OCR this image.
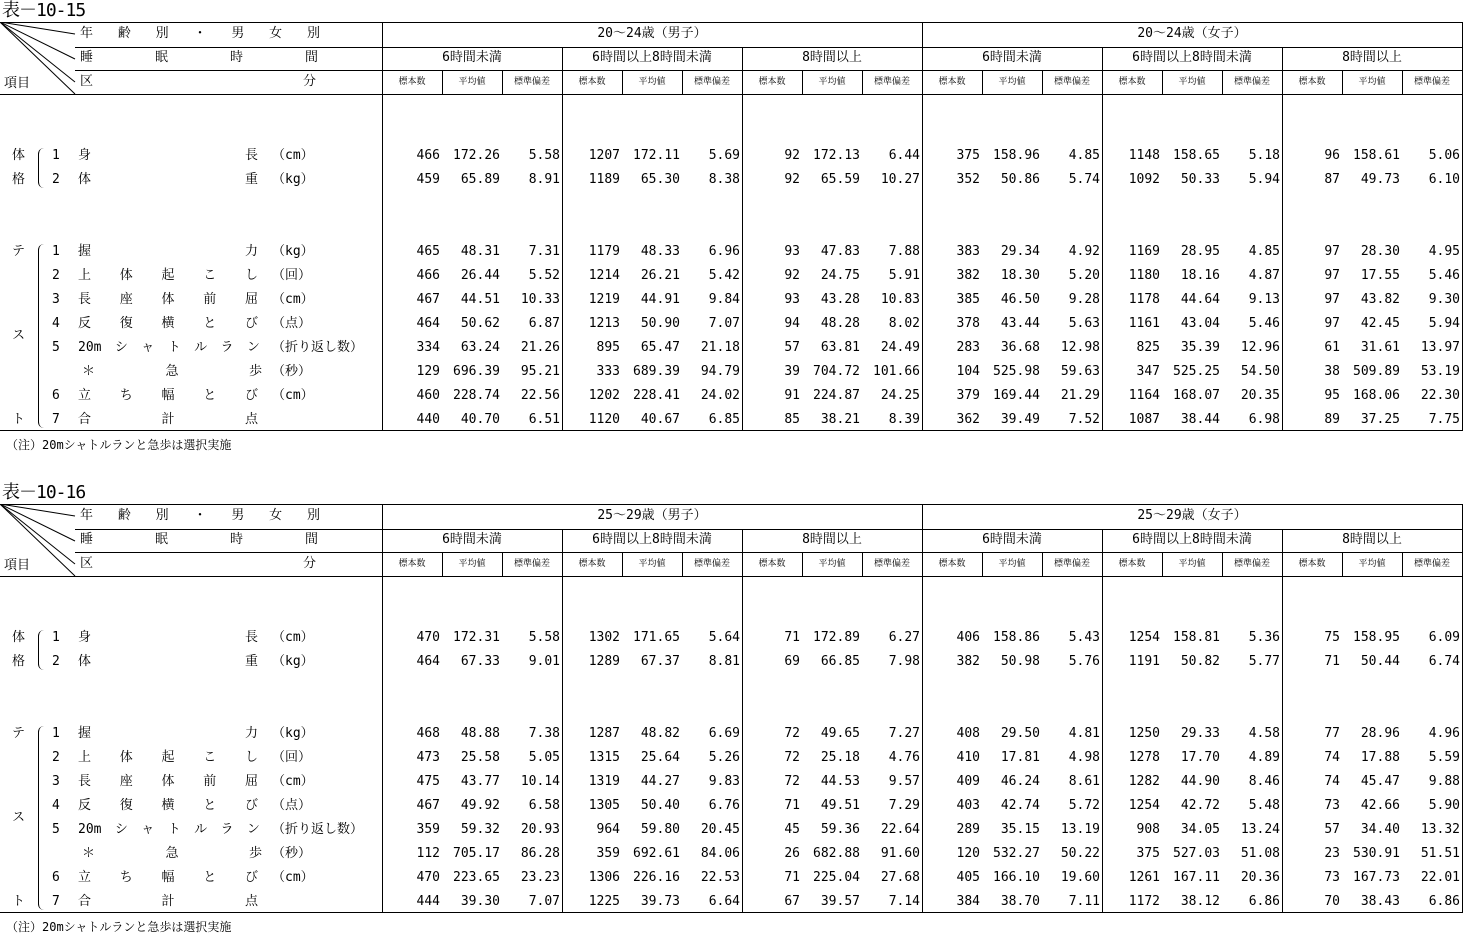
表－10-15
年 齢 別 ・ 男 女 別
睡	眠	時	間
区	分
項目
20～24歳（男子）	20～24歳（女子）
6時間未満
標本数	平均値	標準偏差
6時間以上8時間未満
標本数	平均値	標準偏差
8時間以上
標本数	平均値	標準偏差
6時間未満
標本数	平均値	標準偏差
6時間以上8時間未満
標本数	平均値	標準偏差
8時間以上
標本数	平均値	標準偏差
体
格
1 身	長 （cm）	466	172.26	5.58	1207	172.11	5.69	92	172.13	6.44	375	158.96	4.85	1148	158.65	5.18	96	158.61	5.06
2 体	重 （kg）	459	65.89	8.91	1189	65.30	8.38	92	65.59	10.27	352	50.86	5.74	1092	50.33	5.94	87	49.73	6.10
テ
ス
ト
1 握	力 （kg）	465	48.31	7.31	1179	48.33	6.96	93	47.83	7.88	383	29.34	4.92	1169	28.95	4.85	97	28.30	4.95
2 上 体 起 こ し （回）	466	26.44	5.52	1214	26.21	5.42	92	24.75	5.91	382	18.30	5.20	1180	18.16	4.87	97	17.55	5.46
3 長 座 体 前 屈 （cm）	467	44.51	10.33	1219	44.91	9.84	93	43.28	10.83	385	46.50	9.28	1178	44.64	9.13	97	43.82	9.30
4 反 復 横 と び （点）	464	50.62	6.87	1213	50.90	7.07	94	48.28	8.02	378	43.44	5.63	1161	43.04	5.46	97	42.45	5.94
5 20m シ ャ ト ル ラ ン （折り返し数）	334	63.24	21.26	895	65.47	21.18	57	63.81	24.49	283	36.68	12.98	825	35.39	12.96	61	31.61	13.97
＊	急	歩 （秒）	129	696.39	95.21	333	689.39	94.79	39	704.72	101.66	104	525.98	59.63	347	525.25	54.50	38	509.89	53.19
6 立 ち 幅 と び （cm）	460	228.74	22.56	1202	228.41	24.02	91	224.87	24.25	379	169.44	21.29	1164	168.07	20.35	95	168.06	22.30
7 合	計	点	440	40.70	6.51	1120	40.67	6.85	85	38.21	8.39	362	39.49	7.52	1087	38.44	6.98	89	37.25	7.75
（注）20mシャトルランと急歩は選択実施
表－10-16
年 齢 別 ・ 男 女 別
睡	眠	時	間
区	分
項目
25～29歳（男子）	25～29歳（女子）
6時間未満
標本数	平均値	標準偏差
6時間以上8時間未満
標本数	平均値	標準偏差
8時間以上
標本数	平均値	標準偏差
6時間未満
標本数	平均値	標準偏差
6時間以上8時間未満
標本数	平均値	標準偏差
8時間以上
標本数	平均値	標準偏差
体
格
1 身	長 （cm）	470	172.31	5.58	1302	171.65	5.64	71	172.89	6.27	406	158.86	5.43	1254	158.81	5.36	75	158.95	6.09
2 体	重 （kg）	464	67.33	9.01	1289	67.37	8.81	69	66.85	7.98	382	50.98	5.76	1191	50.82	5.77	71	50.44	6.74
テ
ス
ト
1 握	力 （kg）	468	48.88	7.38	1287	48.82	6.69	72	49.65	7.27	408	29.50	4.81	1250	29.33	4.58	77	28.96	4.96
2 上 体 起 こ し （回）	473	25.58	5.05	1315	25.64	5.26	72	25.18	4.76	410	17.81	4.98	1278	17.70	4.89	74	17.88	5.59
3 長 座 体 前 屈 （cm）	475	43.77	10.14	1319	44.27	9.83	72	44.53	9.57	409	46.24	8.61	1282	44.90	8.46	74	45.47	9.88
4 反 復 横 と び （点）	467	49.92	6.58	1305	50.40	6.76	71	49.51	7.29	403	42.74	5.72	1254	42.72	5.48	73	42.66	5.90
5 20m シ ャ ト ル ラ ン （折り返し数）	359	59.32	20.93	964	59.80	20.45	45	59.36	22.64	289	35.15	13.19	908	34.05	13.24	57	34.40	13.32
＊	急	歩 （秒）	112	705.17	86.28	359	692.61	84.06	26	682.88	91.60	120	532.27	50.22	375	527.03	51.08	23	530.91	51.51
6 立 ち 幅 と び （cm）	470	223.65	23.23	1306	226.16	22.53	71	225.04	27.68	405	166.10	19.60	1261	167.11	20.36	73	167.73	22.01
7 合	計	点	444	39.30	7.07	1225	39.73	6.64	67	39.57	7.14	384	38.70	7.11	1172	38.12	6.86	70	38.43	6.86
（注）20mシャトルランと急歩は選択実施
